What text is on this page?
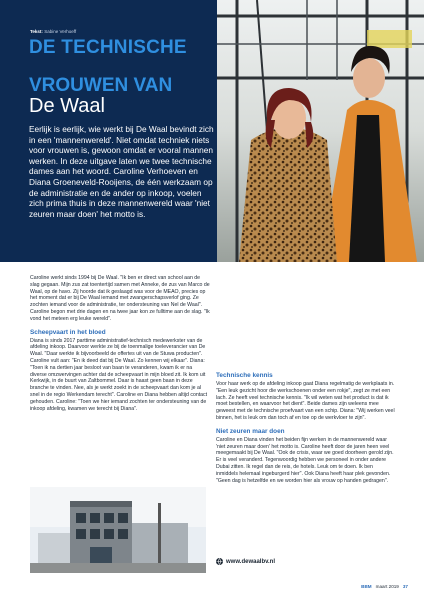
Tekst: Sabine Verhoeff
DE TECHNISCHE
VROUWEN VAN
De Waal
Eerlijk is eerlijk, wie werkt bij De Waal bevindt zich in een 'mannenwereld'. Niet omdat techniek niets voor vrouwen is, gewoon omdat er vooral mannen werken. In deze uitgave laten we twee technische dames aan het woord. Caroline Verhoeven en Diana Groeneveld-Rooijens, de één werkzaam op de administratie en de ander op inkoop, voelen zich prima thuis in deze mannenwereld waar 'niet zeuren maar doen' het motto is.

Caroline werkt sinds 1994 bij De Waal. "Ik ben er direct van school aan de slag gegaan. Mijn zus zat toentertijd samen met Anneke, de zus van Marco de Waal, op de havo. Zij hoorde dat ik geslaagd was voor de MEAO, precies op het moment dat er bij De Waal iemand met zwangerschapsverlof ging. Ze zochten iemand voor de administratie, ter ondersteuning van Nel de Waal". Caroline begon met drie dagen en na twee jaar kon ze fulltime aan de slag. "Ik vond het meteen erg leuke wereld".

Scheepvaart in het bloed

Diana is sinds 2017 parttime administratief-technisch medewerkster van de afdeling inkoop. Daarvoor werkte ze bij de toenmalige toeleverancier van De Waal. "Daar werkte ik bijvoorbeeld de offertes uit van de Stuwa producten". Caroline vult aan: "En ik deed dat bij De Waal. Zo kennen wij elkaar". Diana: "Toen ik na dertien jaar besloot van baan te veranderen, kwam ik er na diverse omzwervingen achter dat de scheepvaart in mijn bloed zit. Ik kom uit Kerkwijk, in de buurt van Zaltbommel. Daar is haast geen baan in deze branche te vinden. Nee, als je werkt zoekt in de scheepvaart dan kom je al snel in de regio Werkendam terecht". Caroline en Diana hebben altijd contact gehouden. Caroline: "Toen we hier iemand zochten ter ondersteuning van de inkoop afdeling, kwamen we terecht bij Diana".

Technische kennis

Voor haar werk op de afdeling inkoop gaat Diana regelmatig de werkplaats in. "Een leuk gezicht hoor die werkschoenen onder een rokje", zegt ze met een lach. Ze heeft veel technische kennis. "Ik wil weten wat het product is dat ik moet bestellen, en waarvoor het dient". Beide dames zijn weleens mee geweest met de technische proefvaart van een schip. Diana: "Wij werken veel binnen, het is leuk om dan toch af en toe op de werkvloer te zijn".

Niet zeuren maar doen

Caroline en Diana vinden het beiden fijn werken in de mannenwereld waar 'niet zeuren maar doen' het motto is. Caroline heeft door de jaren heen veel meegemaakt bij De Waal. "Ook de crisis, waar we goed doorheen gerold zijn. Er is veel veranderd. Tegenwoordig hebben we personeel in onder andere Dubai zitten. Ik regel dan de reis, de hotels. Leuk om te doen. Ik ben inmiddels helemaal ingeburgerd hier". Ook Diana heeft haar plek gevonden. "Geen dag is hetzelfde en we worden hier als vrouw op handen gedragen".

www.dewaalbv.nl
BBM maart 2019 37
